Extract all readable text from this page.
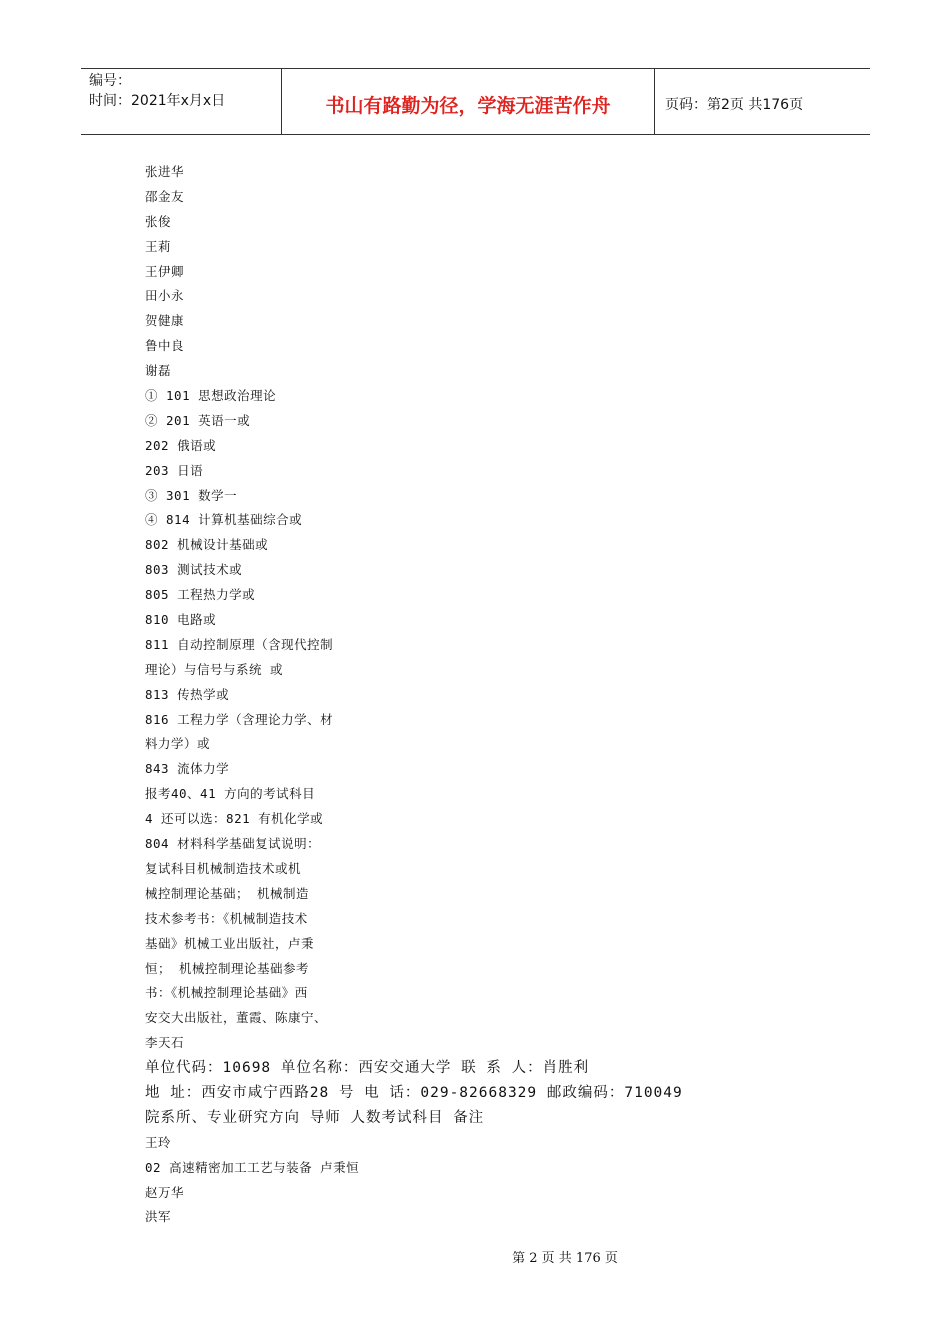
编号：
时间：2021年x月x日	书山有路勤为径，学海无涯苦作舟	页码：第2页 共176页
张进华
邵金友
张俊
王莉
王伊卿
田小永
贺健康
鲁中良
谢磊
① 101 思想政治理论
② 201 英语一或
202 俄语或
203 日语
③ 301 数学一
④ 814 计算机基础综合或
802 机械设计基础或
803 测试技术或
805 工程热力学或
810 电路或
811 自动控制原理（含现代控制
理论）与信号与系统 或
813 传热学或
816 工程力学（含理论力学、材
料力学）或
843 流体力学
报考40、41 方向的考试科目
4 还可以选：821 有机化学或
804 材料科学基础复试说明：
复试科目机械制造技术或机
械控制理论基础； 机械制造
技术参考书：《机械制造技术
基础》机械工业出版社，卢秉
恒； 机械控制理论基础参考
书：《机械控制理论基础》西
安交大出版社，董霞、陈康宁、
李天石
单位代码：10698 单位名称：西安交通大学 联 系 人：肖胜利
地 址：西安市咸宁西路28 号 电 话：029-82668329 邮政编码：710049
院系所、专业研究方向 导师 人数考试科目 备注
王玲
02 高速精密加工工艺与装备 卢秉恒
赵万华
洪军
第 2 页 共 176 页
